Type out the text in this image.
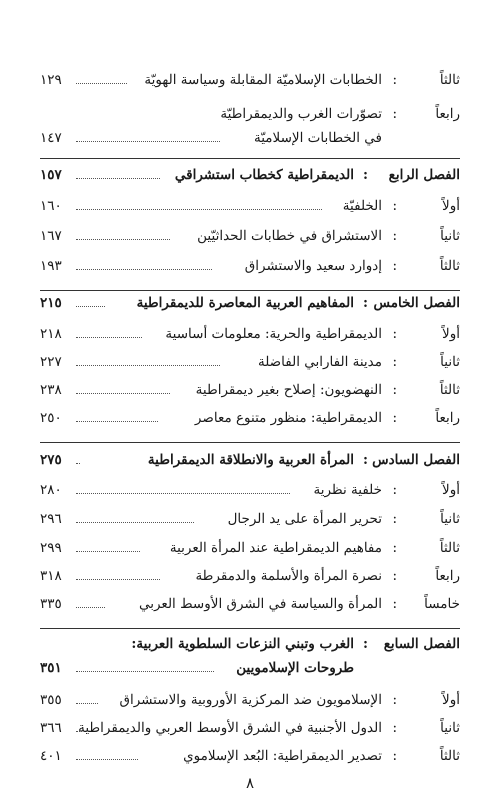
ثالثاً
:
الخطابات الإسلاميّة المقابلة وسياسة الهويّة
١٢٩
رابعاً
:
تصوّرات الغرب والديمقراطيّة
في الخطابات الإسلاميّة
١٤٧
الفصل الرابع
:
الديمقراطية كخطاب استشراقي
١٥٧
أولاً
:
الخلفيّة
١٦٠
ثانياً
:
الاستشراق في خطابات الحداثيّين
١٦٧
ثالثاً
:
إدوارد سعيد والاستشراق
١٩٣
الفصل الخامس
:
المفاهيم العربية المعاصرة للديمقراطية
٢١٥
أولاً
:
الديمقراطية والحرية: معلومات أساسية
٢١٨
ثانياً
:
مدينة الفارابي الفاضلة
٢٢٧
ثالثاً
:
النهضويون: إصلاح بغير ديمقراطية
٢٣٨
رابعاً
:
الديمقراطية: منظور متنوع معاصر
٢٥٠
الفصل السادس
:
المرأة العربية والانطلاقة الديمقراطية
٢٧٥
أولاً
:
خلفية نظرية
٢٨٠
ثانياً
:
تحرير المرأة على يد الرجال
٢٩٦
ثالثاً
:
مفاهيم الديمقراطية عند المرأة العربية
٢٩٩
رابعاً
:
نصرة المرأة والأسلمة والدمقرطة
٣١٨
خامساً
:
المرأة والسياسة في الشرق الأوسط العربي
٣٣٥
الفصل السابع
:
الغرب وتبني النزعات السلطوية العربية:
طروحات الإسلامويين
٣٥١
أولاً
:
الإسلامويون ضد المركزية الأوروبية والاستشراق
٣٥٥
ثانياً
:
الدول الأجنبية في الشرق الأوسط العربي والديمقراطية
٣٦٦
ثالثاً
:
تصدير الديمقراطية: البُعد الإسلاموي
٤٠١
٨
